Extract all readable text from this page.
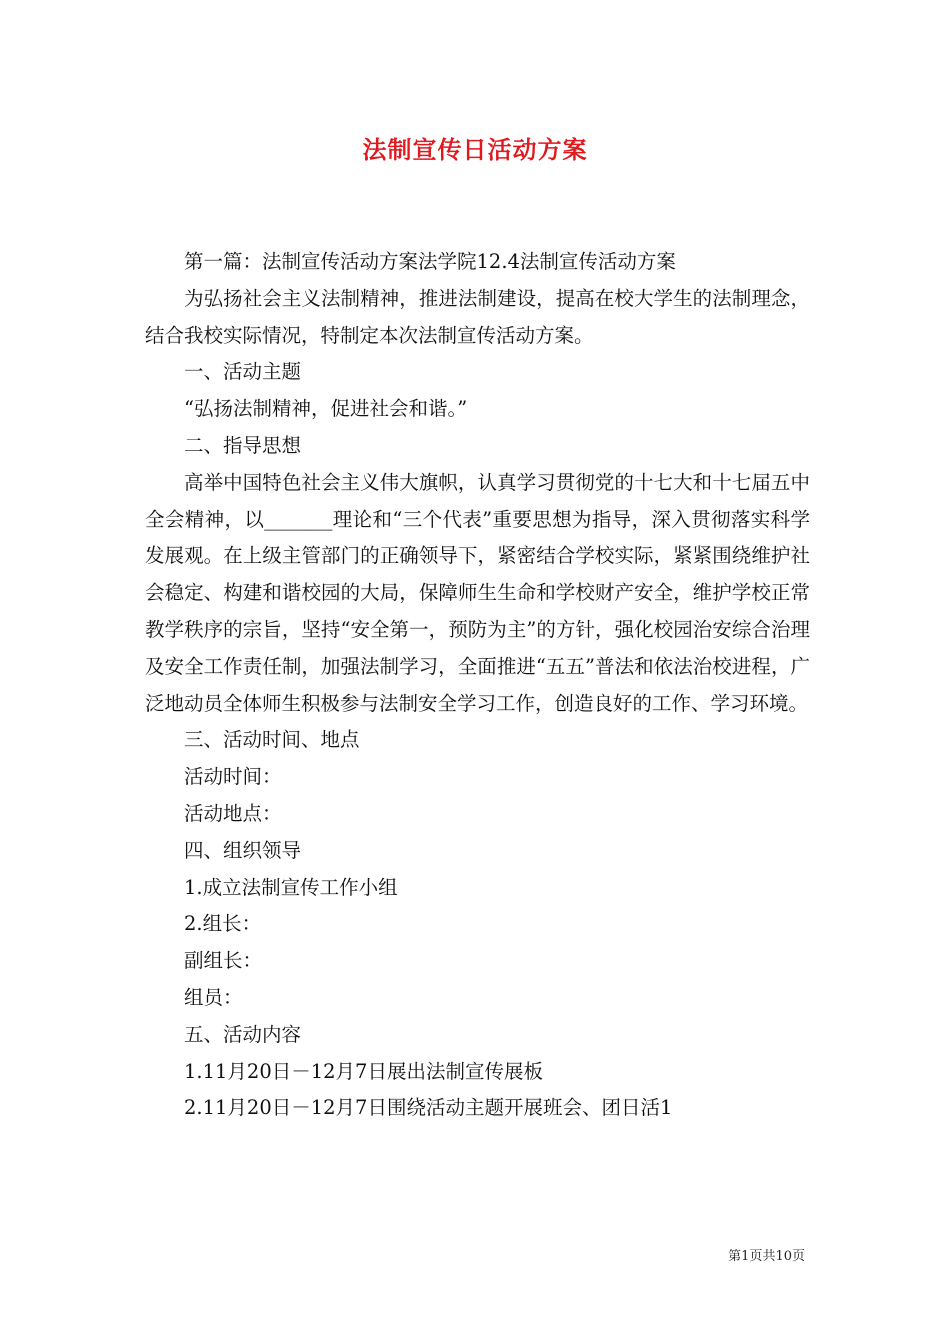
法制宣传日活动方案

第一篇：法制宣传活动方案法学院12.4法制宣传活动方案

为弘扬社会主义法制精神，推进法制建设，提高在校大学生的法制理念，结合我校实际情况，特制定本次法制宣传活动方案。

一、活动主题

“弘扬法制精神，促进社会和谐。”

二、指导思想

高举中国特色社会主义伟大旗帜，认真学习贯彻党的十七大和十七届五中全会精神，以_______理论和“三个代表”重要思想为指导，深入贯彻落实科学发展观。在上级主管部门的正确领导下，紧密结合学校实际，紧紧围绕维护社会稳定、构建和谐校园的大局，保障师生生命和学校财产安全，维护学校正常教学秩序的宗旨，坚持“安全第一，预防为主”的方针，强化校园治安综合治理及安全工作责任制，加强法制学习，全面推进“五五”普法和依法治校进程，广泛地动员全体师生积极参与法制安全学习工作，创造良好的工作、学习环境。

三、活动时间、地点

活动时间：

活动地点：

四、组织领导

1.成立法制宣传工作小组

2.组长：

副组长：

组员：

五、活动内容

1.11月20日－12月7日展出法制宣传展板

2.11月20日－12月7日围绕活动主题开展班会、团日活1

第1页共10页
